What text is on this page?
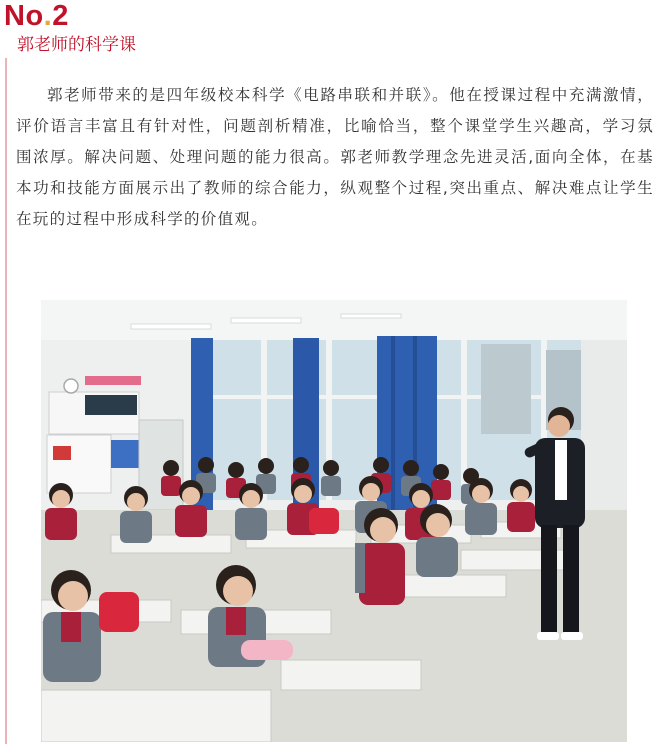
No.2
郭老师的科学课

郭老师带来的是四年级校本科学《电路串联和并联》。他在授课过程中充满激情，评价语言丰富且有针对性，问题剖析精准，比喻恰当，整个课堂学生兴趣高，学习氛围浓厚。解决问题、处理问题的能力很高。郭老师教学理念先进灵活,面向全体，在基本功和技能方面展示出了教师的综合能力，纵观整个过程,突出重点、解决难点让学生在玩的过程中形成科学的价值观。
